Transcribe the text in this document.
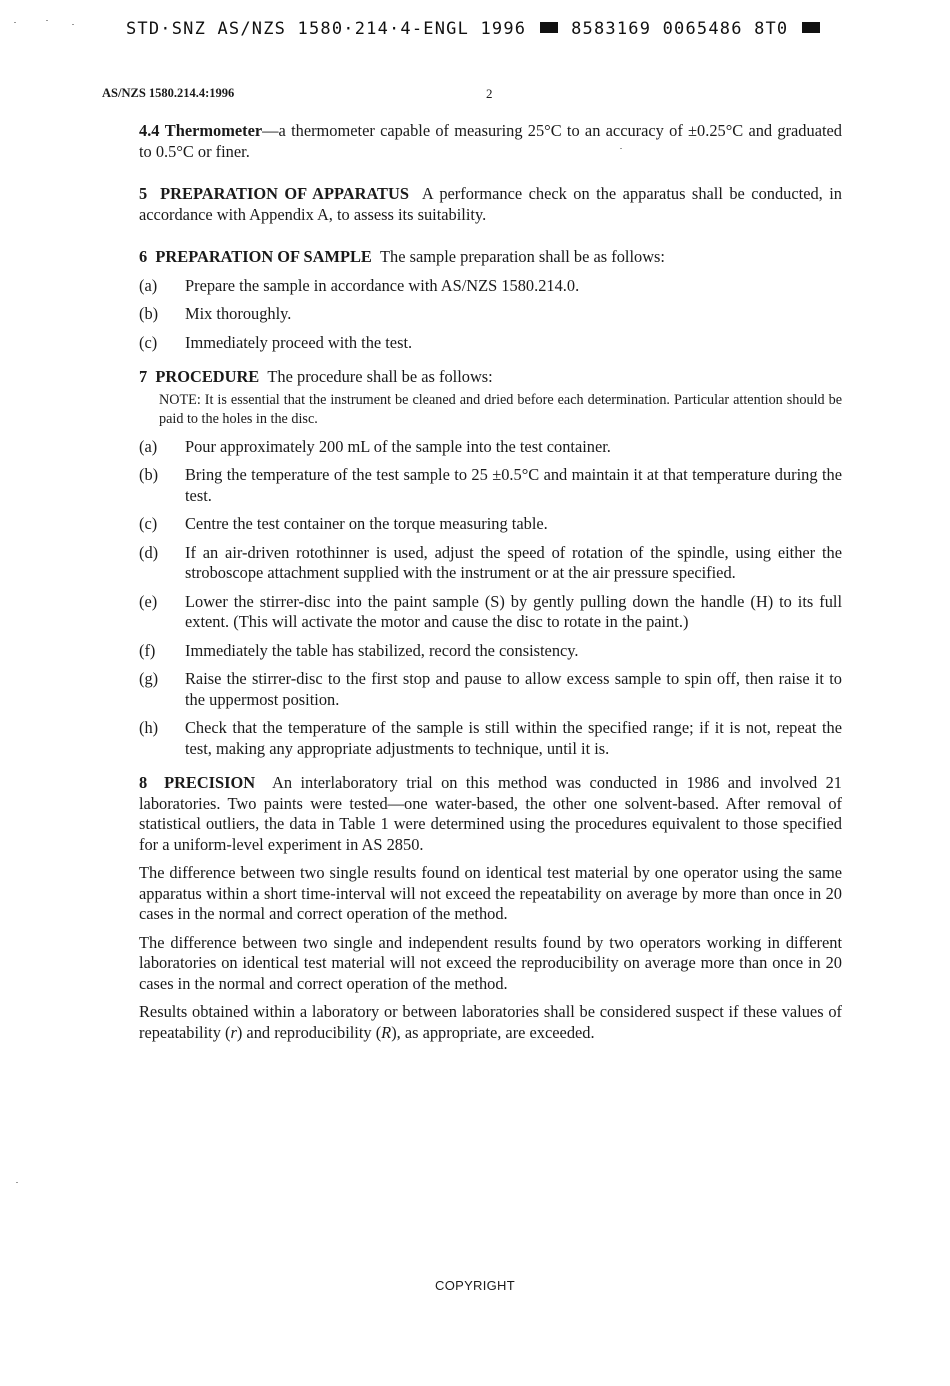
STD·SNZ AS/NZS 1580·214·4-ENGL 1996	8583169 0065486 8T0
AS/NZS 1580.214.4:1996	2

4.4 Thermometer—a thermometer capable of measuring 25°C to an accuracy of ±0.25°C and graduated to 0.5°C or finer.

5 PREPARATION OF APPARATUS A performance check on the apparatus shall be conducted, in accordance with Appendix A, to assess its suitability.

6 PREPARATION OF SAMPLE The sample preparation shall be as follows:

(a)	Prepare the sample in accordance with AS/NZS 1580.214.0.
(b)	Mix thoroughly.
(c)	Immediately proceed with the test.

7 PROCEDURE The procedure shall be as follows:

NOTE: It is essential that the instrument be cleaned and dried before each determination. Particular attention should be paid to the holes in the disc.

(a)	Pour approximately 200 mL of the sample into the test container.
(b)	Bring the temperature of the test sample to 25 ±0.5°C and maintain it at that temperature during the test.
(c)	Centre the test container on the torque measuring table.
(d)	If an air-driven rotothinner is used, adjust the speed of rotation of the spindle, using either the stroboscope attachment supplied with the instrument or at the air pressure specified.
(e)	Lower the stirrer-disc into the paint sample (S) by gently pulling down the handle (H) to its full extent. (This will activate the motor and cause the disc to rotate in the paint.)
(f)	Immediately the table has stabilized, record the consistency.
(g)	Raise the stirrer-disc to the first stop and pause to allow excess sample to spin off, then raise it to the uppermost position.
(h)	Check that the temperature of the sample is still within the specified range; if it is not, repeat the test, making any appropriate adjustments to technique, until it is.

8 PRECISION An interlaboratory trial on this method was conducted in 1986 and involved 21 laboratories. Two paints were tested—one water-based, the other one solvent-based. After removal of statistical outliers, the data in Table 1 were determined using the procedures equivalent to those specified for a uniform-level experiment in AS 2850.

The difference between two single results found on identical test material by one operator using the same apparatus within a short time-interval will not exceed the repeatability on average by more than once in 20 cases in the normal and correct operation of the method.

The difference between two single and independent results found by two operators working in different laboratories on identical test material will not exceed the reproducibility on average more than once in 20 cases in the normal and correct operation of the method.

Results obtained within a laboratory or between laboratories shall be considered suspect if these values of repeatability (r) and reproducibility (R), as appropriate, are exceeded.

COPYRIGHT
